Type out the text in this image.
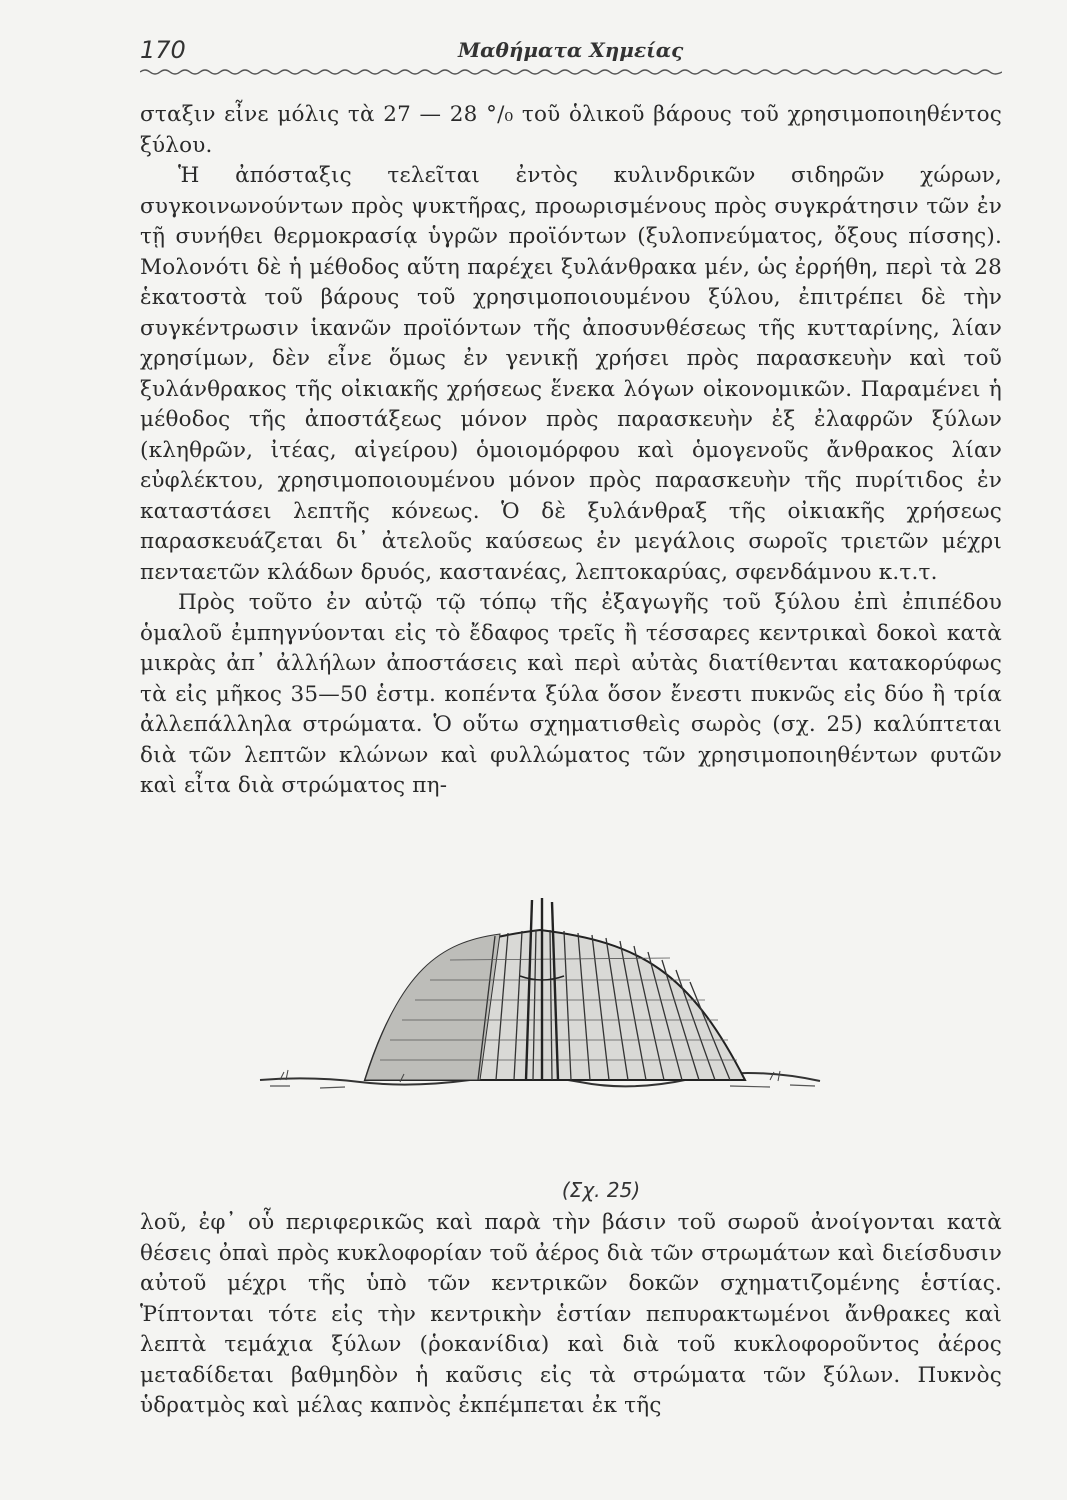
170	Μαθήματα Χημείας

σταξιν εἶνε μόλις τὰ 27 — 28 °/₀ τοῦ ὁλικοῦ βάρους τοῦ χρησιμοποιηθέντος ξύλου.

Ἡ ἀπόσταξις τελεῖται ἐντὸς κυλινδρικῶν σιδηρῶν χώρων, συγκοινωνούντων πρὸς ψυκτῆρας, προωρισμένους πρὸς συγκράτησιν τῶν ἐν τῇ συνήθει θερμοκρασίᾳ ὑγρῶν προϊόντων (ξυλοπνεύματος, ὄξους πίσσης). Μολονότι δὲ ἡ μέθοδος αὕτη παρέχει ξυλάνθρακα μέν, ὡς ἐρρήθη, περὶ τὰ 28 ἑκατοστὰ τοῦ βάρους τοῦ χρησιμοποιουμένου ξύλου, ἐπιτρέπει δὲ τὴν συγκέντρωσιν ἱκανῶν προϊόντων τῆς ἀποσυνθέσεως τῆς κυτταρίνης, λίαν χρησίμων, δὲν εἶνε ὅμως ἐν γενικῇ χρήσει πρὸς παρασκευὴν καὶ τοῦ ξυλάνθρακος τῆς οἰκιακῆς χρήσεως ἕνεκα λόγων οἰκονομικῶν. Παραμένει ἡ μέθοδος τῆς ἀποστάξεως μόνον πρὸς παρασκευὴν ἐξ ἐλαφρῶν ξύλων (κληθρῶν, ἰτέας, αἰγείρου) ὁμοιομόρφου καὶ ὁμογενοῦς ἄνθρακος λίαν εὐφλέκτου, χρησιμοποιουμένου μόνον πρὸς παρασκευὴν τῆς πυρίτιδος ἐν καταστάσει λεπτῆς κόνεως. Ὁ δὲ ξυλάνθραξ τῆς οἰκιακῆς χρήσεως παρασκευάζεται δι᾽ ἀτελοῦς καύσεως ἐν μεγάλοις σωροῖς τριετῶν μέχρι πενταετῶν κλάδων δρυός, καστανέας, λεπτοκαρύας, σφενδάμνου κ.τ.τ.

Πρὸς τοῦτο ἐν αὐτῷ τῷ τόπῳ τῆς ἐξαγωγῆς τοῦ ξύλου ἐπὶ ἐπιπέδου ὁμαλοῦ ἐμπηγνύονται εἰς τὸ ἔδαφος τρεῖς ἢ τέσσαρες κεντρικαὶ δοκοὶ κατὰ μικρὰς ἀπ᾽ ἀλλήλων ἀποστάσεις καὶ περὶ αὐτὰς διατίθενται κατακορύφως τὰ εἰς μῆκος 35—50 ἑστμ. κοπέντα ξύλα ὅσον ἔνεστι πυκνῶς εἰς δύο ἢ τρία ἀλλεπάλληλα στρώματα. Ὁ οὕτω σχηματισθεὶς σωρὸς (σχ. 25) καλύπτεται διὰ τῶν λεπτῶν κλώνων καὶ φυλλώματος τῶν χρησιμοποιηθέντων φυτῶν καὶ εἶτα διὰ στρώματος πη-

(Σχ. 25)

λοῦ, ἐφ᾽ οὗ περιφερικῶς καὶ παρὰ τὴν βάσιν τοῦ σωροῦ ἀνοίγονται κατὰ θέσεις ὀπαὶ πρὸς κυκλοφορίαν τοῦ ἀέρος διὰ τῶν στρωμάτων καὶ διείσδυσιν αὐτοῦ μέχρι τῆς ὑπὸ τῶν κεντρικῶν δοκῶν σχηματιζομένης ἑστίας. Ῥίπτονται τότε εἰς τὴν κεντρικὴν ἑστίαν πεπυρακτωμένοι ἄνθρακες καὶ λεπτὰ τεμάχια ξύλων (ῥοκανίδια) καὶ διὰ τοῦ κυκλοφοροῦντος ἀέρος μεταδίδεται βαθμηδὸν ἡ καῦσις εἰς τὰ στρώματα τῶν ξύλων. Πυκνὸς ὑδρατμὸς καὶ μέλας καπνὸς ἐκπέμπεται ἐκ τῆς
